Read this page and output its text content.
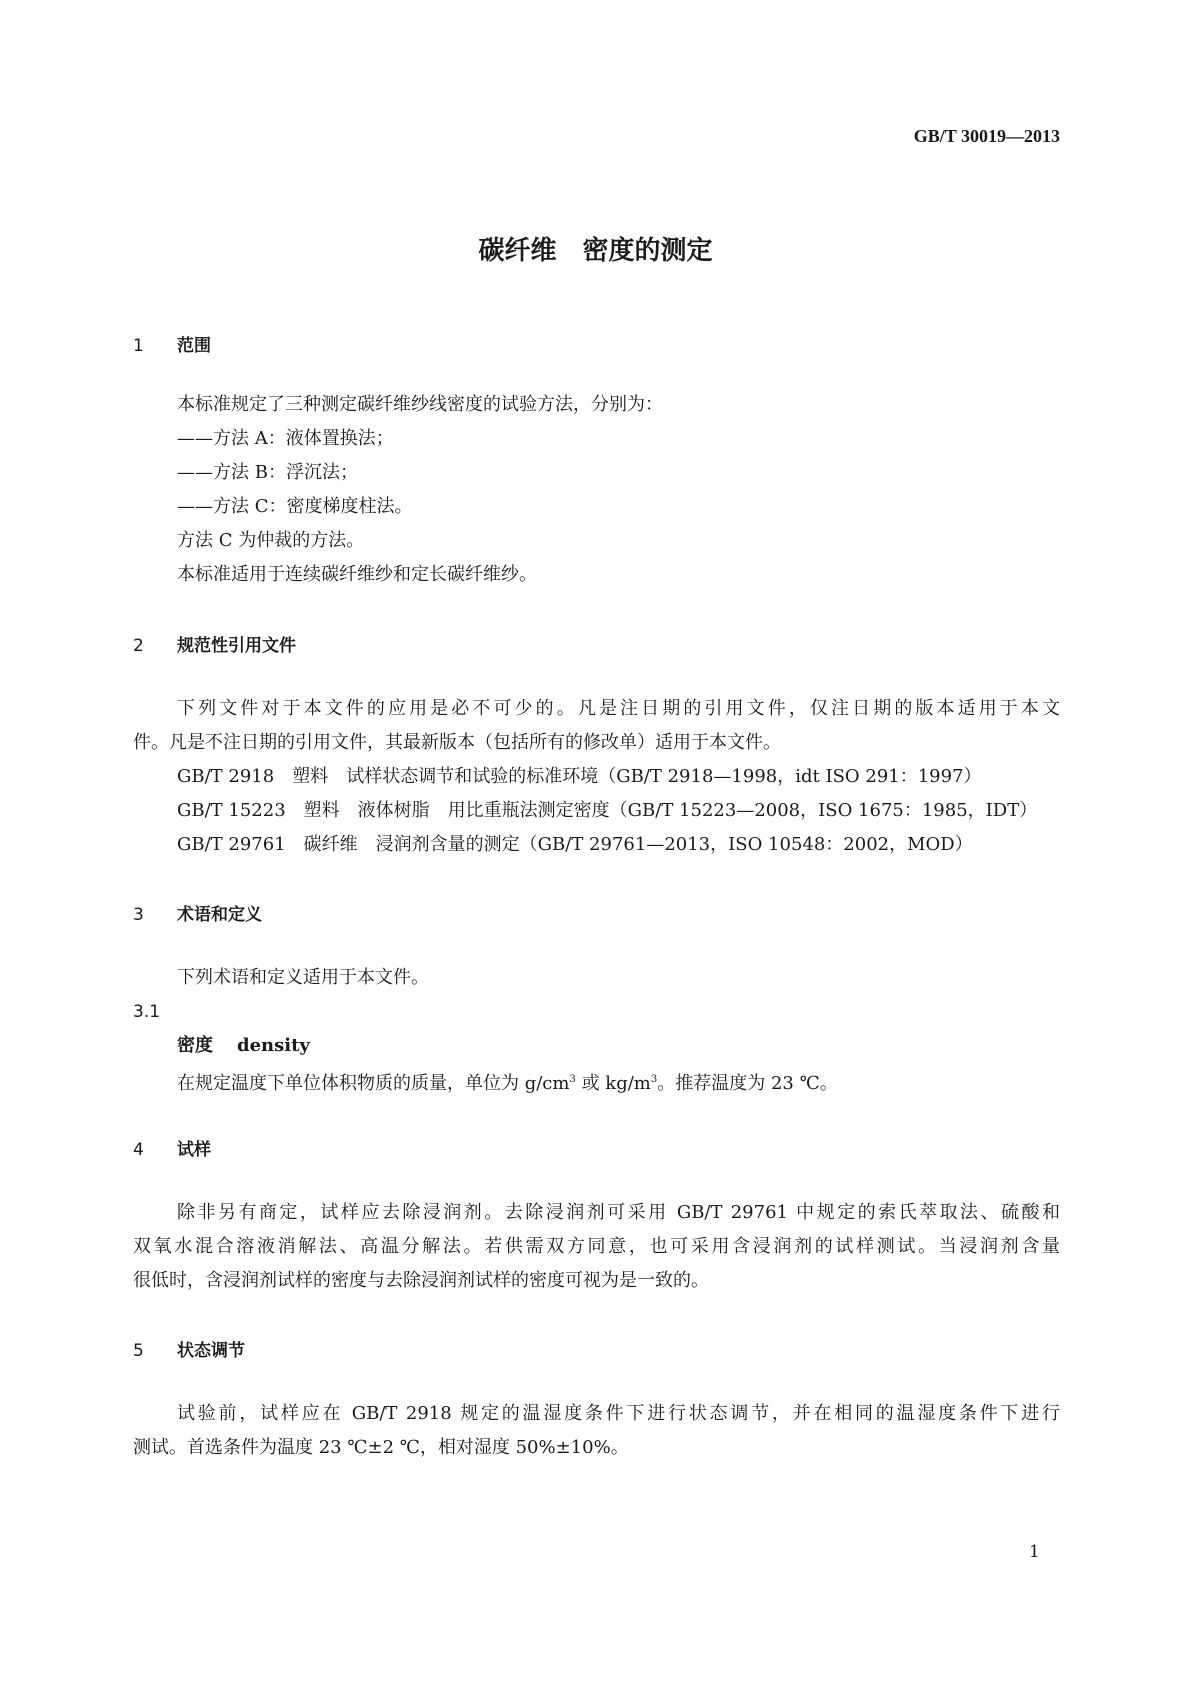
GB/T 30019—2013
碳纤维　密度的测定
1 范围
本标准规定了三种测定碳纤维纱线密度的试验方法，分别为：
——方法 A：液体置换法；
——方法 B：浮沉法；
——方法 C：密度梯度柱法。
方法 C 为仲裁的方法。
本标准适用于连续碳纤维纱和定长碳纤维纱。
2 规范性引用文件
下列文件对于本文件的应用是必不可少的。凡是注日期的引用文件，仅注日期的版本适用于本文
件。凡是不注日期的引用文件，其最新版本（包括所有的修改单）适用于本文件。
GB/T 2918　塑料　试样状态调节和试验的标准环境（GB/T 2918—1998，idt ISO 291：1997）
GB/T 15223　塑料　液体树脂　用比重瓶法测定密度（GB/T 15223—2008，ISO 1675：1985，IDT）
GB/T 29761　碳纤维　浸润剂含量的测定（GB/T 29761—2013，ISO 10548：2002，MOD）
3 术语和定义
下列术语和定义适用于本文件。
3.1
密度 density
在规定温度下单位体积物质的质量，单位为 $g/cm^3$ 或 $kg/m^3$。推荐温度为 23 ℃。
4 试样
除非另有商定，试样应去除浸润剂。去除浸润剂可采用 GB/T 29761 中规定的索氏萃取法、硫酸和
双氧水混合溶液消解法、高温分解法。若供需双方同意，也可采用含浸润剂的试样测试。当浸润剂含量
很低时，含浸润剂试样的密度与去除浸润剂试样的密度可视为是一致的。
5 状态调节
试验前，试样应在 GB/T 2918 规定的温湿度条件下进行状态调节，并在相同的温湿度条件下进行
测试。首选条件为温度 23 ℃±2 ℃，相对湿度 50%±10%。
1
